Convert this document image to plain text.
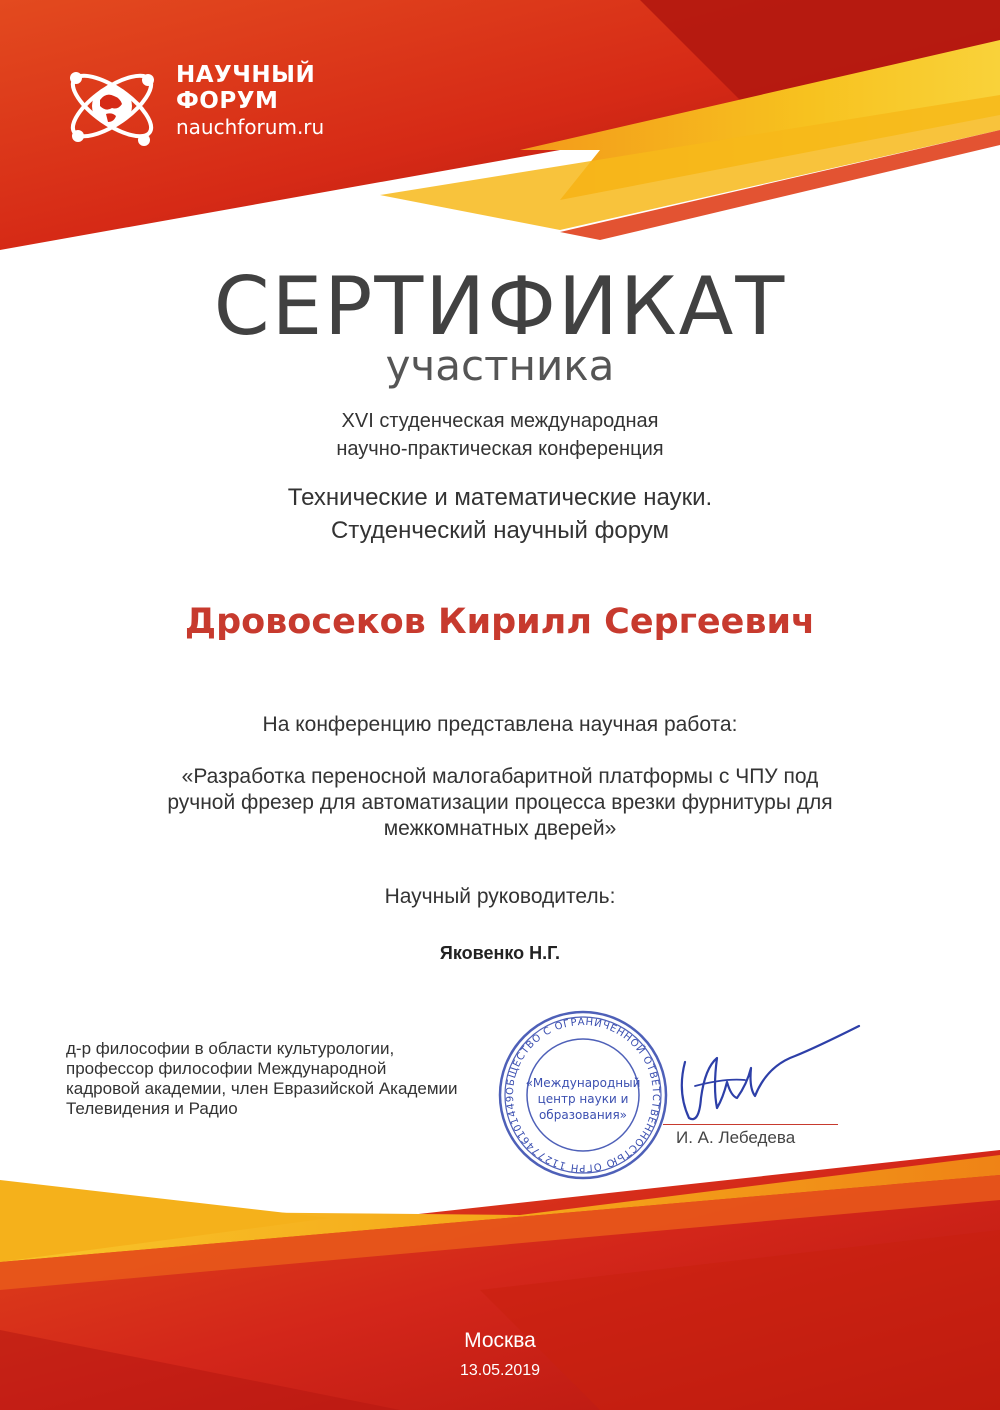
НАУЧНЫЙ
ФОРУМ
nauchforum.ru
СЕРТИФИКАТ
участника
XVI студенческая международная
научно-практическая конференция
Технические и математические науки.
Студенческий научный форум
Дровосеков Кирилл Сергеевич
На конференцию представлена научная работа:
«Разработка переносной малогабаритной платформы с ЧПУ под
ручной фрезер для автоматизации процесса врезки фурнитуры для
межкомнатных дверей»
Научный руководитель:
Яковенко Н.Г.
д-р философии в области культурологии,
профессор философии Международной
кадровой академии, член Евразийской Академии
Телевидения и Радио
И. А. Лебедева
ОБЩЕСТВО С ОГРАНИЧЕННОЙ ОТВЕТСТВЕННОСТЬЮ ОГРН 1127746101449
«Международный
центр науки и
образования»
Москва
13.05.2019
